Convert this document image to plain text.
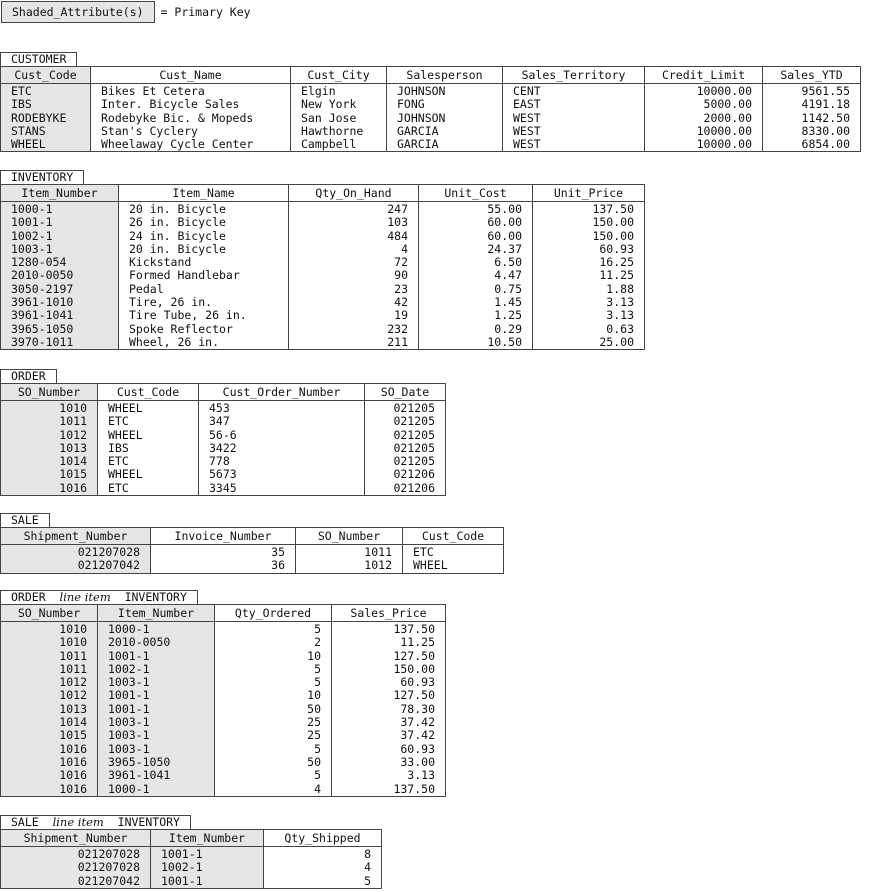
Shaded_Attribute(s)	= Primary Key
CUSTOMER
Cust_Code	Cust_Name	Cust_City	Salesperson	Sales_Territory	Credit_Limit	Sales_YTD
ETC	Bikes Et Cetera	Elgin	JOHNSON	CENT	10000.00	9561.55
IBS	Inter. Bicycle Sales	New York	FONG	EAST	5000.00	4191.18
RODEBYKE	Rodebyke Bic. & Mopeds	San Jose	JOHNSON	WEST	2000.00	1142.50
STANS	Stan's Cyclery	Hawthorne	GARCIA	WEST	10000.00	8330.00
WHEEL	Wheelaway Cycle Center	Campbell	GARCIA	WEST	10000.00	6854.00
INVENTORY
Item_Number	Item_Name	Qty_On_Hand	Unit_Cost	Unit_Price
1000-1	20 in. Bicycle	247	55.00	137.50
1001-1	26 in. Bicycle	103	60.00	150.00
1002-1	24 in. Bicycle	484	60.00	150.00
1003-1	20 in. Bicycle	4	24.37	60.93
1280-054	Kickstand	72	6.50	16.25
2010-0050	Formed Handlebar	90	4.47	11.25
3050-2197	Pedal	23	0.75	1.88
3961-1010	Tire, 26 in.	42	1.45	3.13
3961-1041	Tire Tube, 26 in.	19	1.25	3.13
3965-1050	Spoke Reflector	232	0.29	0.63
3970-1011	Wheel, 26 in.	211	10.50	25.00
ORDER
SO_Number	Cust_Code	Cust_Order_Number	SO_Date
1010	WHEEL	453	021205
1011	ETC	347	021205
1012	WHEEL	56-6	021205
1013	IBS	3422	021205
1014	ETC	778	021205
1015	WHEEL	5673	021206
1016	ETC	3345	021206
SALE
Shipment_Number	Invoice_Number	SO_Number	Cust_Code
021207028	35	1011	ETC
021207042	36	1012	WHEEL
ORDER line item INVENTORY
SO_Number	Item_Number	Qty_Ordered	Sales_Price
1010	1000-1	5	137.50
1010	2010-0050	2	11.25
1011	1001-1	10	127.50
1011	1002-1	5	150.00
1012	1003-1	5	60.93
1012	1001-1	10	127.50
1013	1001-1	50	78.30
1014	1003-1	25	37.42
1015	1003-1	25	37.42
1016	1003-1	5	60.93
1016	3965-1050	50	33.00
1016	3961-1041	5	3.13
1016	1000-1	4	137.50
SALE line item INVENTORY
Shipment_Number	Item_Number	Qty_Shipped
021207028	1001-1	8
021207028	1002-1	4
021207042	1001-1	5
